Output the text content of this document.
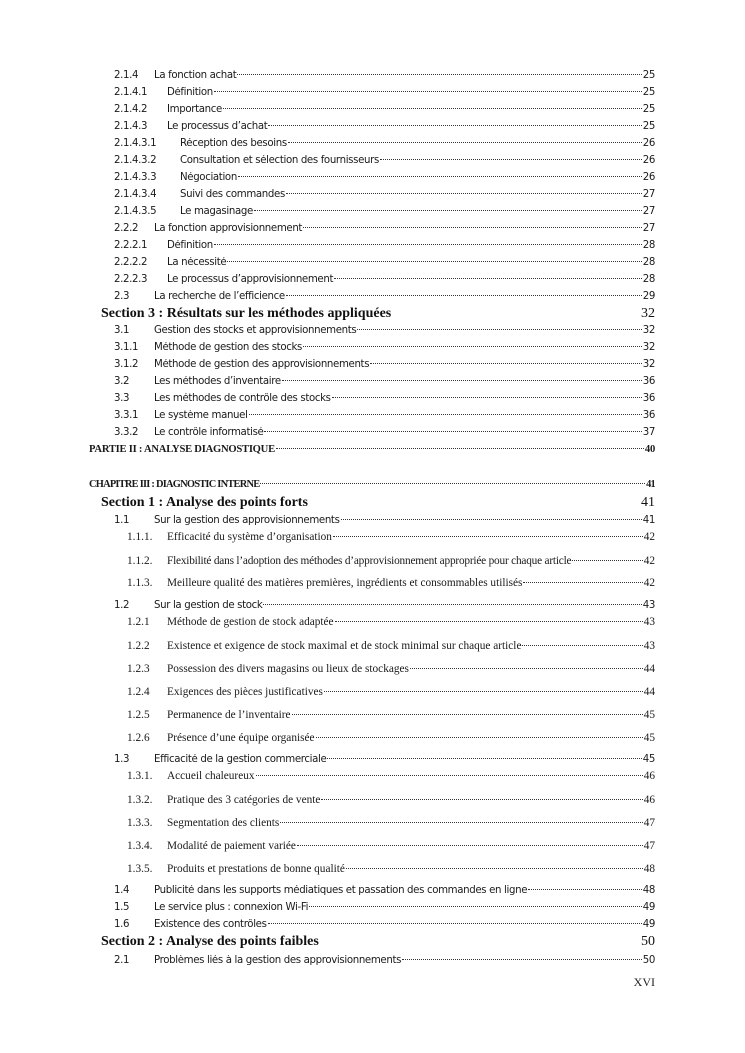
2.1.4	La fonction achat	25
2.1.4.1	Définition	25
2.1.4.2	Importance	25
2.1.4.3	Le processus d’achat	25
2.1.4.3.1	Réception des besoins	26
2.1.4.3.2	Consultation et sélection des fournisseurs	26
2.1.4.3.3	Négociation	26
2.1.4.3.4	Suivi des commandes	27
2.1.4.3.5	Le magasinage	27
2.2.2	La fonction approvisionnement	27
2.2.2.1	Définition	28
2.2.2.2	La nécessité	28
2.2.2.3	Le processus d’approvisionnement	28
2.3	La recherche de l’efficience	29
Section 3 : Résultats sur les méthodes appliquées	32
3.1	Gestion des stocks et approvisionnements	32
3.1.1	Méthode de gestion des stocks	32
3.1.2	Méthode de gestion des approvisionnements	32
3.2	Les méthodes d’inventaire	36
3.3	Les méthodes de contrôle des stocks	36
3.3.1	Le système manuel	36
3.3.2	Le contrôle informatisé	37
PARTIE II : ANALYSE DIAGNOSTIQUE	40
CHAPITRE III : DIAGNOSTIC INTERNE	41
Section 1 : Analyse des points forts	41
1.1	Sur la gestion des approvisionnements	41
1.1.1.	Efficacité du système d’organisation	42
1.1.2.	Flexibilité dans l’adoption des méthodes d’approvisionnement appropriée pour chaque article	42
1.1.3.	Meilleure qualité des matières premières, ingrédients et consommables utilisés	42
1.2	Sur la gestion de stock	43
1.2.1	Méthode de gestion de stock adaptée	43
1.2.2	Existence et exigence de stock maximal et de stock minimal sur chaque article	43
1.2.3	Possession des divers magasins ou lieux de stockages	44
1.2.4	Exigences des pièces justificatives	44
1.2.5	Permanence de l’inventaire	45
1.2.6	Présence d’une équipe organisée	45
1.3	Efficacité de la gestion commerciale	45
1.3.1.	Accueil chaleureux	46
1.3.2.	Pratique des 3 catégories de vente	46
1.3.3.	Segmentation des clients	47
1.3.4.	Modalité de paiement variée	47
1.3.5.	Produits et prestations de bonne qualité	48
1.4	Publicité dans les supports médiatiques et passation des commandes en ligne	48
1.5	Le service plus : connexion Wi-Fi	49
1.6	Existence des contrôles	49
Section 2 : Analyse des points faibles	50
2.1	Problèmes liés à la gestion des approvisionnements	50
XVI
